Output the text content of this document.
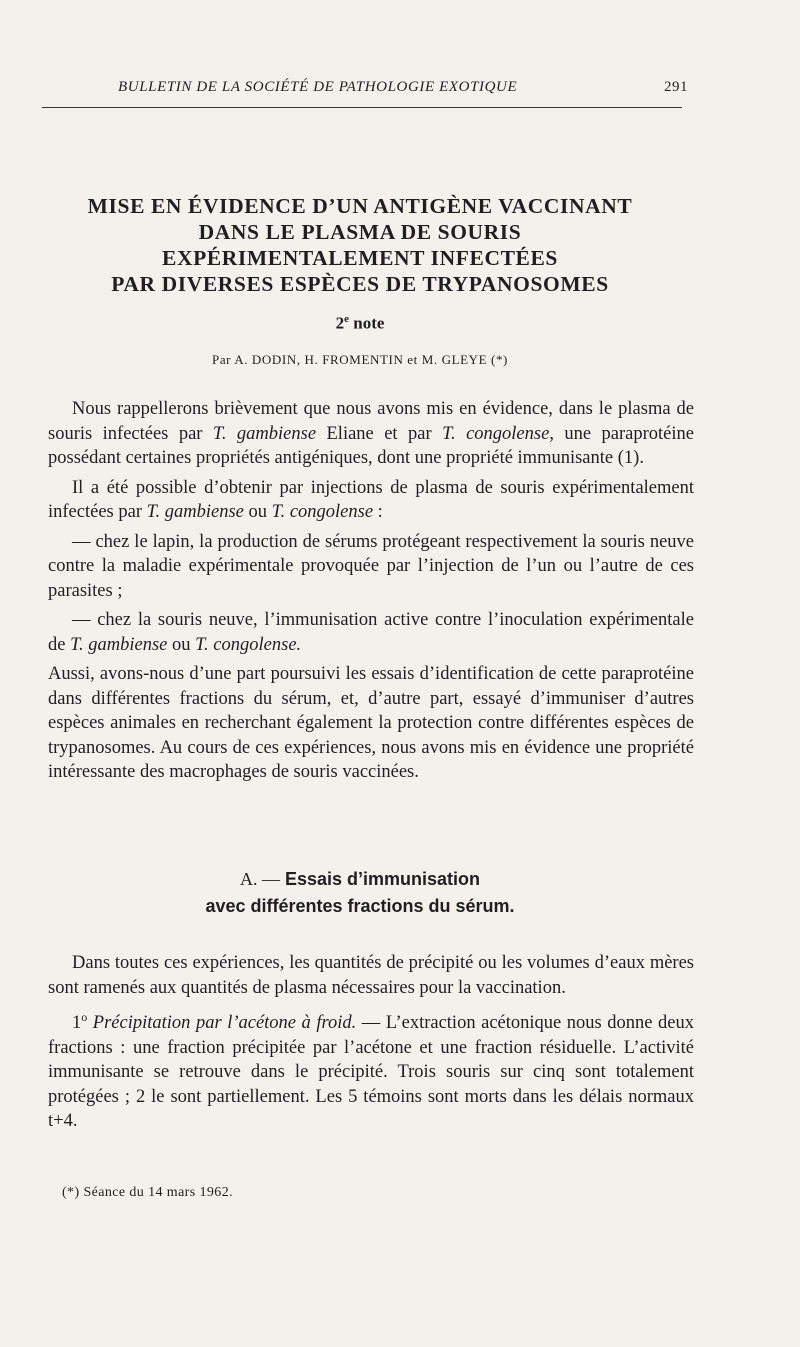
BULLETIN DE LA SOCIÉTÉ DE PATHOLOGIE EXOTIQUE	291
MISE EN ÉVIDENCE D’UN ANTIGÈNE VACCINANT
DANS LE PLASMA DE SOURIS
EXPÉRIMENTALEMENT INFECTÉES
PAR DIVERSES ESPÈCES DE TRYPANOSOMES
2e note
Par A. DODIN, H. FROMENTIN et M. GLEYE (*)

Nous rappellerons brièvement que nous avons mis en évidence, dans le plasma de souris infectées par T. gambiense Eliane et par T. congolense, une paraprotéine possédant certaines propriétés antigéniques, dont une propriété immunisante (1).

Il a été possible d’obtenir par injections de plasma de souris expérimentalement infectées par T. gambiense ou T. congolense :

— chez le lapin, la production de sérums protégeant respectivement la souris neuve contre la maladie expérimentale provoquée par l’injection de l’un ou l’autre de ces parasites ;

— chez la souris neuve, l’immunisation active contre l’inoculation expérimentale de T. gambiense ou T. congolense.

Aussi, avons-nous d’une part poursuivi les essais d’identification de cette paraprotéine dans différentes fractions du sérum, et, d’autre part, essayé d’immuniser d’autres espèces animales en recherchant également la protection contre différentes espèces de trypanosomes. Au cours de ces expériences, nous avons mis en évidence une propriété intéressante des macrophages de souris vaccinées.

A. — Essais d’immunisation
avec différentes fractions du sérum.

Dans toutes ces expériences, les quantités de précipité ou les volumes d’eaux mères sont ramenés aux quantités de plasma nécessaires pour la vaccination.

1$^o$ Précipitation par l’acétone à froid. — L’extraction acétonique nous donne deux fractions : une fraction précipitée par l’acétone et une fraction résiduelle. L’activité immunisante se retrouve dans le précipité. Trois souris sur cinq sont totalement protégées ; 2 le sont partiellement. Les 5 témoins sont morts dans les délais normaux t+4.

(*) Séance du 14 mars 1962.
